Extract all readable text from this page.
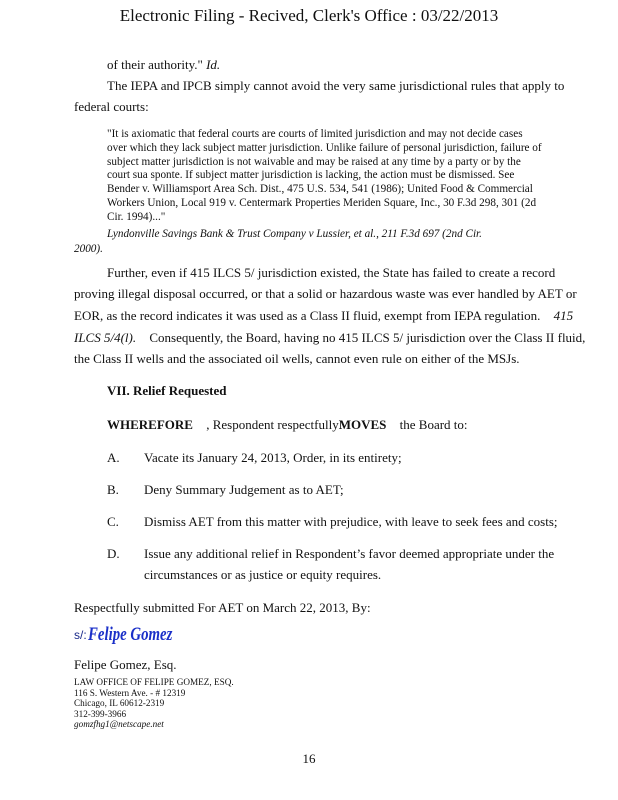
Electronic Filing - Recived, Clerk's Office : 03/22/2013
of their authority." Id.
The IEPA and IPCB simply cannot avoid the very same jurisdictional rules that apply to
federal courts:
"It is axiomatic that federal courts are courts of limited jurisdiction and may not decide cases
over which they lack subject matter jurisdiction. Unlike failure of personal jurisdiction, failure of
subject matter jurisdiction is not waivable and may be raised at any time by a party or by the
court sua sponte. If subject matter jurisdiction is lacking, the action must be dismissed. See
Bender v. Williamsport Area Sch. Dist., 475 U.S. 534, 541 (1986); United Food & Commercial
Workers Union, Local 919 v. Centermark Properties Meriden Square, Inc., 30 F.3d 298, 301 (2d
Cir. 1994)..."
Lyndonville Savings Bank & Trust Company v Lussier, et al., 211 F.3d 697 (2nd Cir.
2000).
Further, even if 415 ILCS 5/ jurisdiction existed, the State has failed to create a record
proving illegal disposal occurred, or that a solid or hazardous waste was ever handled by AET or
EOR, as the record indicates it was used as a Class II fluid, exempt from IEPA regulation. 415
ILCS 5/4(l). Consequently, the Board, having no 415 ILCS 5/ jurisdiction over the Class II fluid,
the Class II wells and the associated oil wells, cannot even rule on either of the MSJs.
VII. Relief Requested
WHEREFORE , Respondent respectfullyMOVES the Board to:
A. Vacate its January 24, 2013, Order, in its entirety;
B. Deny Summary Judgement as to AET;
C. Dismiss AET from this matter with prejudice, with leave to seek fees and costs;
D. Issue any additional relief in Respondent’s favor deemed appropriate under the
circumstances or as justice or equity requires.
Respectfully submitted For AET on March 22, 2013, By:
s/: Felipe Gomez
Felipe Gomez, Esq.
LAW OFFICE OF FELIPE GOMEZ, ESQ.
116 S. Western Ave. - # 12319
Chicago, IL 60612-2319
312-399-3966
gomzfhg1@netscape.net
16
